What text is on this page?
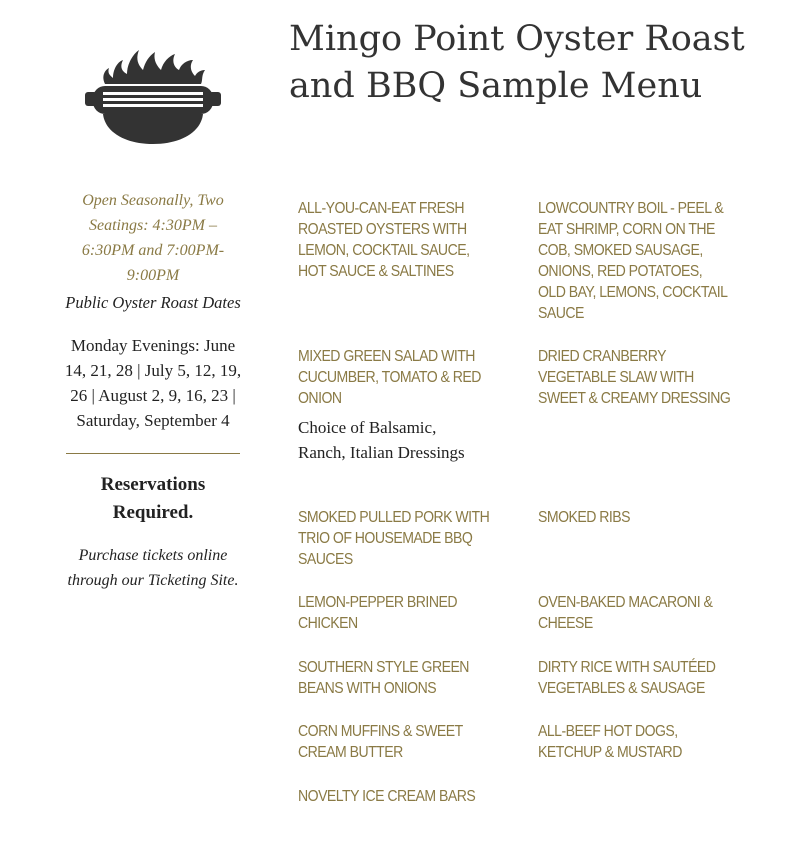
Mingo Point Oyster Roast and BBQ Sample Menu

Open Seasonally, Two Seatings: 4:30PM – 6:30PM and 7:00PM-9:00PM

Public Oyster Roast Dates

Monday Evenings: June 14, 21, 28 | July 5, 12, 19, 26 | August 2, 9, 16, 23 | Saturday, September 4

Reservations Required.

Purchase tickets online through our Ticketing Site.

ALL-YOU-CAN-EAT FRESH ROASTED OYSTERS WITH LEMON, COCKTAIL SAUCE, HOT SAUCE & SALTINES
LOWCOUNTRY BOIL - PEEL & EAT SHRIMP, CORN ON THE COB, SMOKED SAUSAGE, ONIONS, RED POTATOES, OLD BAY, LEMONS, COCKTAIL SAUCE
MIXED GREEN SALAD WITH CUCUMBER, TOMATO & RED ONION
Choice of Balsamic, Ranch, Italian Dressings
DRIED CRANBERRY VEGETABLE SLAW WITH SWEET & CREAMY DRESSING
SMOKED PULLED PORK WITH TRIO OF HOUSEMADE BBQ SAUCES
SMOKED RIBS
LEMON-PEPPER BRINED CHICKEN
OVEN-BAKED MACARONI & CHEESE
SOUTHERN STYLE GREEN BEANS WITH ONIONS
DIRTY RICE WITH SAUTÉED VEGETABLES & SAUSAGE
CORN MUFFINS & SWEET CREAM BUTTER
ALL-BEEF HOT DOGS, KETCHUP & MUSTARD
NOVELTY ICE CREAM BARS
